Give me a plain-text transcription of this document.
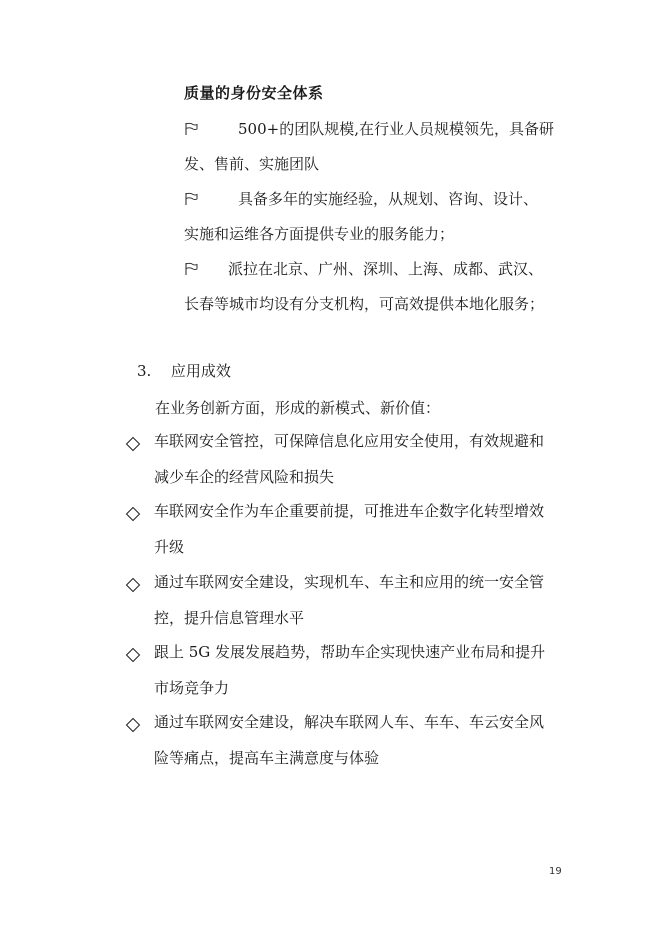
质量的身份安全体系
500+的团队规模,在行业人员规模领先，具备研
发、售前、实施团队
具备多年的实施经验，从规划、咨询、设计、
实施和运维各方面提供专业的服务能力；
派拉在北京、广州、深圳、上海、成都、武汉、
长春等城市均设有分支机构，可高效提供本地化服务；
3. 应用成效
在业务创新方面，形成的新模式、新价值：
车联网安全管控，可保障信息化应用安全使用，有效规避和
减少车企的经营风险和损失
车联网安全作为车企重要前提，可推进车企数字化转型增效
升级
通过车联网安全建设，实现机车、车主和应用的统一安全管
控，提升信息管理水平
跟上 5G 发展发展趋势，帮助车企实现快速产业布局和提升
市场竞争力
通过车联网安全建设，解决车联网人车、车车、车云安全风
险等痛点，提高车主满意度与体验
19
